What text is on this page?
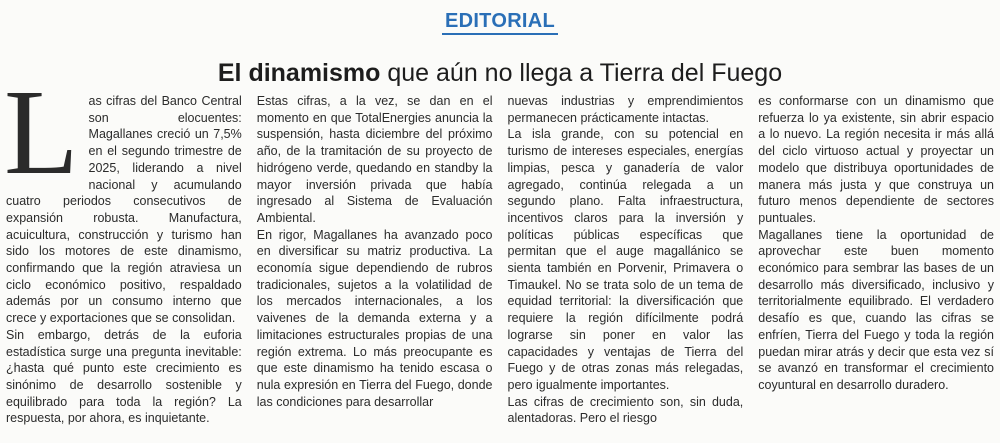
EDITORIAL
El dinamismo que aún no llega a Tierra del Fuego
L as cifras del Banco Central son elocuentes: Magallanes creció un 7,5% en el segundo trimestre de 2025, liderando a nivel nacional y acumulando cuatro periodos consecutivos de expansión robusta. Manufactura, acuicultura, construcción y turismo han sido los motores de este dinamismo, confirmando que la región atraviesa un ciclo económico positivo, respaldado además por un consumo interno que crece y exportaciones que se consolidan.

Sin embargo, detrás de la euforia estadística surge una pregunta inevitable: ¿hasta qué punto este crecimiento es sinónimo de desarrollo sostenible y equilibrado para toda la región? La respuesta, por ahora, es inquietante.

Estas cifras, a la vez, se dan en el momento en que TotalEnergies anuncia la suspensión, hasta diciembre del próximo año, de la tramitación de su proyecto de hidrógeno verde, quedando en standby la mayor inversión privada que había ingresado al Sistema de Evaluación Ambiental.

En rigor, Magallanes ha avanzado poco en diversificar su matriz productiva. La economía sigue dependiendo de rubros tradicionales, sujetos a la volatilidad de los mercados internacionales, a los vaivenes de la demanda externa y a limitaciones estructurales propias de una región extrema. Lo más preocupante es que este dinamismo ha tenido escasa o nula expresión en Tierra del Fuego, donde las condiciones para desarrollar

nuevas industrias y emprendimientos permanecen prácticamente intactas.

La isla grande, con su potencial en turismo de intereses especiales, energías limpias, pesca y ganadería de valor agregado, continúa relegada a un segundo plano. Falta infraestructura, incentivos claros para la inversión y políticas públicas específicas que permitan que el auge magallánico se sienta también en Porvenir, Primavera o Timaukel. No se trata solo de un tema de equidad territorial: la diversificación que requiere la región difícilmente podrá lograrse sin poner en valor las capacidades y ventajas de Tierra del Fuego y de otras zonas más relegadas, pero igualmente importantes.

Las cifras de crecimiento son, sin duda, alentadoras. Pero el riesgo

es conformarse con un dinamismo que refuerza lo ya existente, sin abrir espacio a lo nuevo. La región necesita ir más allá del ciclo virtuoso actual y proyectar un modelo que distribuya oportunidades de manera más justa y que construya un futuro menos dependiente de sectores puntuales.

Magallanes tiene la oportunidad de aprovechar este buen momento económico para sembrar las bases de un desarrollo más diversificado, inclusivo y territorialmente equilibrado. El verdadero desafío es que, cuando las cifras se enfríen, Tierra del Fuego y toda la región puedan mirar atrás y decir que esta vez sí se avanzó en transformar el crecimiento coyuntural en desarrollo duradero.
